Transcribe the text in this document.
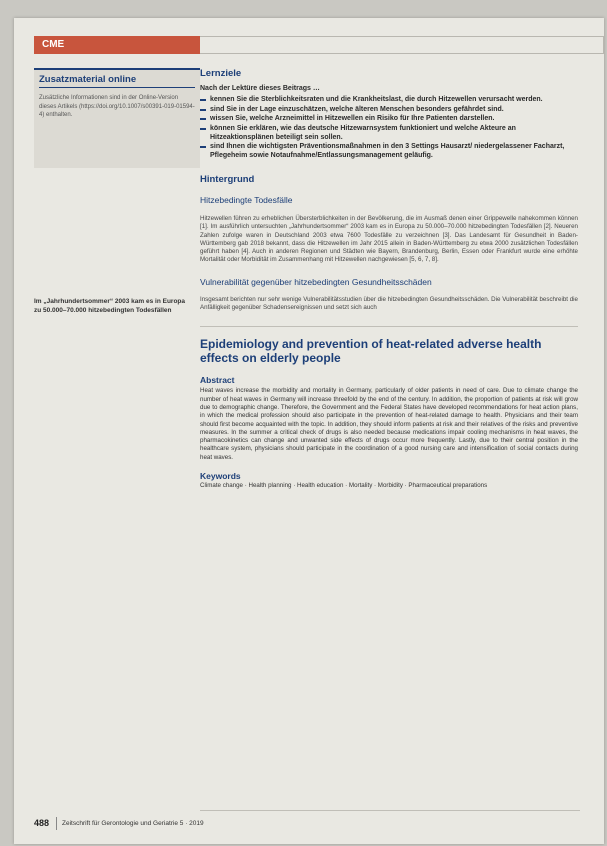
CME
Zusatzmaterial online

Zusätzliche Informationen sind in der Online-Version dieses Artikels (https://doi.org/10.1007/s00391-019-01594-4) enthalten.

Im „Jahrhundertsommer“ 2003 kam es in Europa zu 50.000–70.000 hitzebedingten Todesfällen
Lernziele
Nach der Lektüre dieses Beitrags …
kennen Sie die Sterblichkeitsraten und die Krankheitslast, die durch Hitzewellen verursacht werden.
sind Sie in der Lage einzuschätzen, welche älteren Menschen besonders gefährdet sind.
wissen Sie, welche Arzneimittel in Hitzewellen ein Risiko für Ihre Patienten darstellen.
können Sie erklären, wie das deutsche Hitzewarnsystem funktioniert und welche Akteure an Hitzeaktionsplänen beteiligt sein sollen.
sind Ihnen die wichtigsten Präventionsmaßnahmen in den 3 Settings Hausarzt/ niedergelassener Facharzt, Pflegeheim sowie Notaufnahme/Entlassungsmanagement geläufig.
Hintergrund
Hitzebedingte Todesfälle

Hitzewellen führen zu erheblichen Übersterblichkeiten in der Bevölkerung, die im Ausmaß denen einer Grippewelle nahekommen können [1]. Im ausführlich untersuchten „Jahrhundertsommer“ 2003 kam es in Europa zu 50.000–70.000 hitzebedingten Todesfällen [2]. Neueren Zahlen zufolge waren in Deutschland 2003 etwa 7600 Todesfälle zu verzeichnen [3]. Das Landesamt für Gesundheit in Baden-Württemberg gab 2018 bekannt, dass die Hitzewellen im Jahr 2015 allein in Baden-Württemberg zu etwa 2000 zusätzlichen Todesfällen geführt haben [4]. Auch in anderen Regionen und Städten wie Bayern, Brandenburg, Berlin, Essen oder Frankfurt wurde eine erhöhte Mortalität oder Morbidität im Zusammenhang mit Hitzewellen nachgewiesen [5, 6, 7, 8].

Vulnerabilität gegenüber hitzebedingten Gesundheitsschäden

Insgesamt berichten nur sehr wenige Vulnerabilitätsstudien über die hitzebedingten Gesundheitsschäden. Die Vulnerabilität beschreibt die Anfälligkeit gegenüber Schadensereignissen und setzt sich auch

Epidemiology and prevention of heat-related adverse health effects on elderly people
Abstract

Heat waves increase the morbidity and mortality in Germany, particularly of older patients in need of care. Due to climate change the number of heat waves in Germany will increase threefold by the end of the century. In addition, the proportion of patients at risk will grow due to demographic change. Therefore, the Government and the Federal States have developed recommendations for heat action plans, in which the medical profession should also participate in the prevention of heat-related damage to health. Physicians and their team should first become acquainted with the topic. In addition, they should inform patients at risk and their relatives of the risks and preventive measures. In the summer a critical check of drugs is also needed because medications impair cooling mechanisms in heat waves, the pharmacokinetics can change and unwanted side effects of drugs occur more frequently. Lastly, due to their central position in the healthcare system, physicians should participate in the coordination of a good nursing care and intensification of social contacts during heat waves.

Keywords

Climate change · Health planning · Health education · Mortality · Morbidity · Pharmaceutical preparations

488 Zeitschrift für Gerontologie und Geriatrie 5 · 2019
